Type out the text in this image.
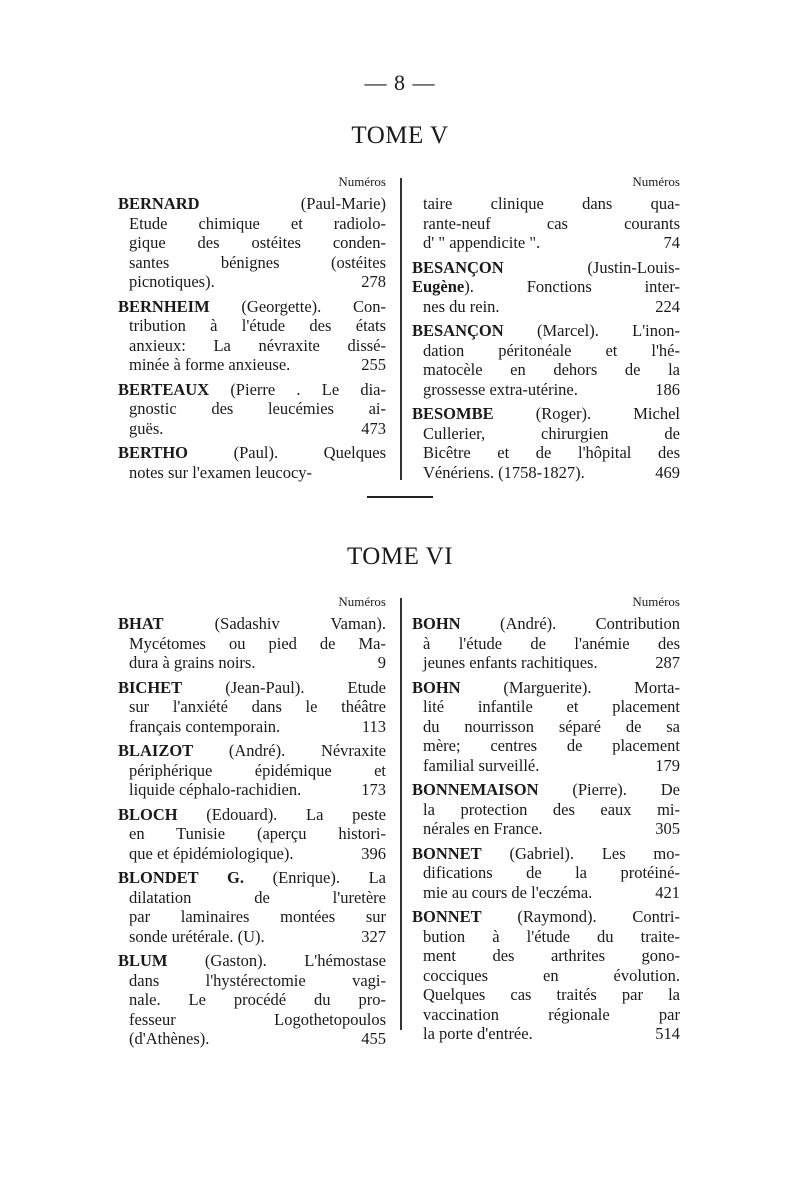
— 8 —
TOME V
Numéros
BERNARD (Paul-Marie)
Etude chimique et radiolo-
gique des ostéites conden-
santes bénignes (ostéites
picnotiques).	278
BERNHEIM (Georgette). Con-
tribution à l'étude des états
anxieux: La névraxite dissé-
minée à forme anxieuse.	255
BERTEAUX (Pierre . Le dia-
gnostic des leucémies ai-
guës.	473
BERTHO (Paul). Quelques
notes sur l'examen leucocy-
Numéros
taire clinique dans qua-
rante-neuf cas courants
d' " appendicite ".	74
BESANÇON (Justin-Louis-
Eugène). Fonctions inter-
nes du rein.	224
BESANÇON (Marcel). L'inon-
dation péritonéale et l'hé-
matocèle en dehors de la
grossesse extra-utérine.	186
BESOMBE (Roger). Michel
Cullerier, chirurgien de
Bicêtre et de l'hôpital des
Vénériens. (1758-1827).	469
TOME VI
Numéros
BHAT (Sadashiv Vaman).
Mycétomes ou pied de Ma-
dura à grains noirs.	9
BICHET (Jean-Paul). Etude
sur l'anxiété dans le théâtre
français contemporain.	113
BLAIZOT (André). Névraxite
périphérique épidémique et
liquide céphalo-rachidien.	173
BLOCH (Edouard). La peste
en Tunisie (aperçu histori-
que et épidémiologique).	396
BLONDET G. (Enrique). La
dilatation de l'uretère
par laminaires montées sur
sonde urétérale. (U).	327
BLUM (Gaston). L'hémostase
dans l'hystérectomie vagi-
nale. Le procédé du pro-
fesseur Logothetopoulos
(d'Athènes).	455
Numéros
BOHN (André). Contribution
à l'étude de l'anémie des
jeunes enfants rachitiques.	287
BOHN (Marguerite). Morta-
lité infantile et placement
du nourrisson séparé de sa
mère; centres de placement
familial surveillé.	179
BONNEMAISON (Pierre). De
la protection des eaux mi-
nérales en France.	305
BONNET (Gabriel). Les mo-
difications de la protéiné-
mie au cours de l'eczéma.	421
BONNET (Raymond). Contri-
bution à l'étude du traite-
ment des arthrites gono-
cocciques en évolution.
Quelques cas traités par la
vaccination régionale par
la porte d'entrée.	514
